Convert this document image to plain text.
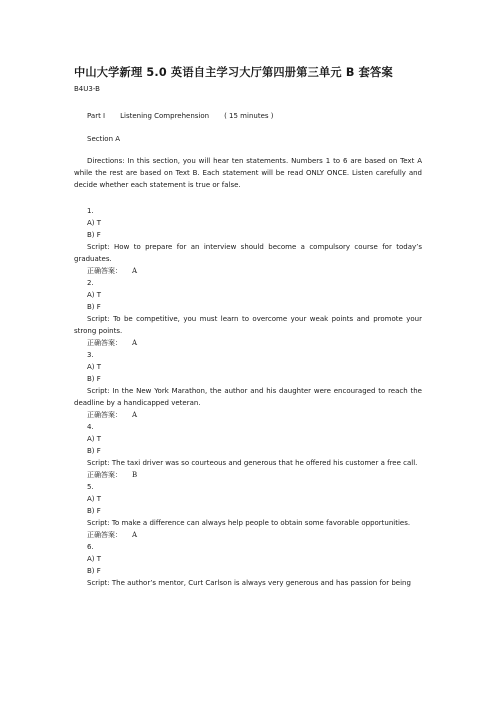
中山大学新理 5.0 英语自主学习大厅第四册第三单元 B 套答案
B4U3-B
Part I Listening Comprehension ( 15 minutes )
Section A
Directions: In this section, you will hear ten statements. Numbers 1 to 6 are based on Text A while the rest are based on Text B. Each statement will be read ONLY ONCE. Listen carefully and decide whether each statement is true or false.
1.
A) T
B) F
Script: How to prepare for an interview should become a compulsory course for today’s graduates.
正确答案： A
2.
A) T
B) F
Script: To be competitive, you must learn to overcome your weak points and promote your strong points.
正确答案： A
3.
A) T
B) F
Script: In the New York Marathon, the author and his daughter were encouraged to reach the deadline by a handicapped veteran.
正确答案： A
4.
A) T
B) F
Script: The taxi driver was so courteous and generous that he offered his customer a free call.
正确答案： B
5.
A) T
B) F
Script: To make a difference can always help people to obtain some favorable opportunities.
正确答案： A
6.
A) T
B) F
Script: The author’s mentor, Curt Carlson is always very generous and has passion for being
